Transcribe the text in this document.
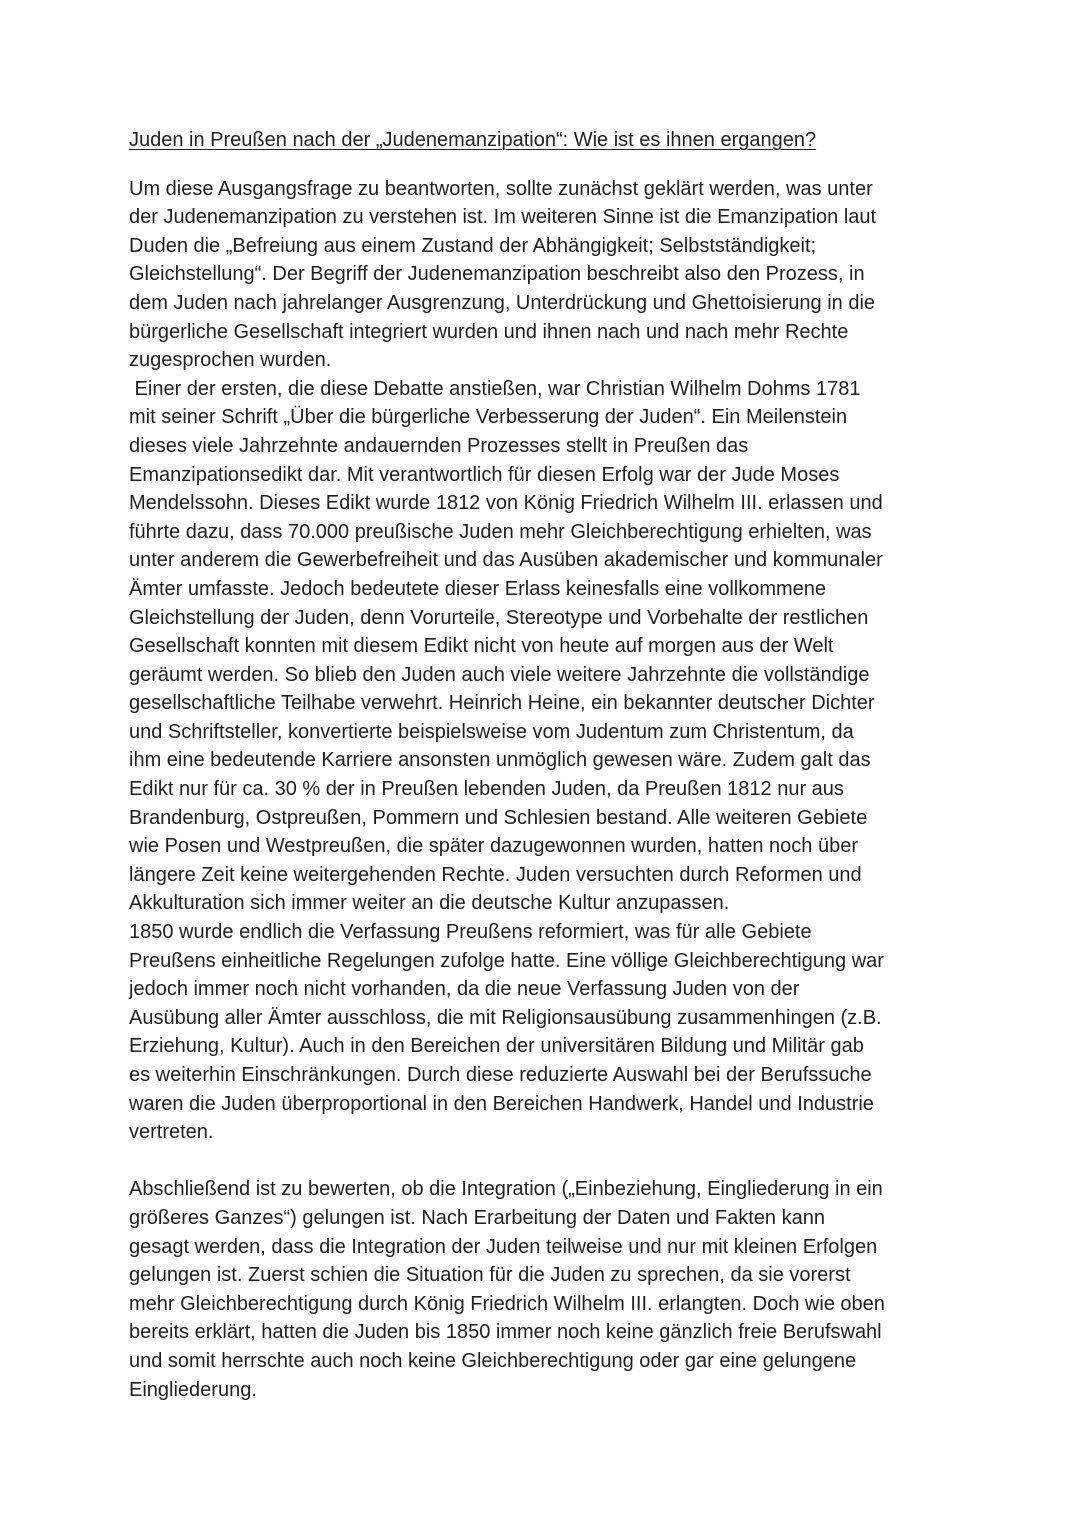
Juden in Preußen nach der „Judenemanzipation“: Wie ist es ihnen ergangen?
Um diese Ausgangsfrage zu beantworten, sollte zunächst geklärt werden, was unter
der Judenemanzipation zu verstehen ist. Im weiteren Sinne ist die Emanzipation laut
Duden die „Befreiung aus einem Zustand der Abhängigkeit; Selbstständigkeit;
Gleichstellung“. Der Begriff der Judenemanzipation beschreibt also den Prozess, in
dem Juden nach jahrelanger Ausgrenzung, Unterdrückung und Ghettoisierung in die
bürgerliche Gesellschaft integriert wurden und ihnen nach und nach mehr Rechte
zugesprochen wurden.
Einer der ersten, die diese Debatte anstießen, war Christian Wilhelm Dohms 1781
mit seiner Schrift „Über die bürgerliche Verbesserung der Juden“. Ein Meilenstein
dieses viele Jahrzehnte andauernden Prozesses stellt in Preußen das
Emanzipationsedikt dar. Mit verantwortlich für diesen Erfolg war der Jude Moses
Mendelssohn. Dieses Edikt wurde 1812 von König Friedrich Wilhelm III. erlassen und
führte dazu, dass 70.000 preußische Juden mehr Gleichberechtigung erhielten, was
unter anderem die Gewerbefreiheit und das Ausüben akademischer und kommunaler
Ämter umfasste. Jedoch bedeutete dieser Erlass keinesfalls eine vollkommene
Gleichstellung der Juden, denn Vorurteile, Stereotype und Vorbehalte der restlichen
Gesellschaft konnten mit diesem Edikt nicht von heute auf morgen aus der Welt
geräumt werden. So blieb den Juden auch viele weitere Jahrzehnte die vollständige
gesellschaftliche Teilhabe verwehrt. Heinrich Heine, ein bekannter deutscher Dichter
und Schriftsteller, konvertierte beispielsweise vom Judentum zum Christentum, da
ihm eine bedeutende Karriere ansonsten unmöglich gewesen wäre. Zudem galt das
Edikt nur für ca. 30 % der in Preußen lebenden Juden, da Preußen 1812 nur aus
Brandenburg, Ostpreußen, Pommern und Schlesien bestand. Alle weiteren Gebiete
wie Posen und Westpreußen, die später dazugewonnen wurden, hatten noch über
längere Zeit keine weitergehenden Rechte. Juden versuchten durch Reformen und
Akkulturation sich immer weiter an die deutsche Kultur anzupassen.
1850 wurde endlich die Verfassung Preußens reformiert, was für alle Gebiete
Preußens einheitliche Regelungen zufolge hatte. Eine völlige Gleichberechtigung war
jedoch immer noch nicht vorhanden, da die neue Verfassung Juden von der
Ausübung aller Ämter ausschloss, die mit Religionsausübung zusammenhingen (z.B.
Erziehung, Kultur). Auch in den Bereichen der universitären Bildung und Militär gab
es weiterhin Einschränkungen. Durch diese reduzierte Auswahl bei der Berufssuche
waren die Juden überproportional in den Bereichen Handwerk, Handel und Industrie
vertreten.
Abschließend ist zu bewerten, ob die Integration („Einbeziehung, Eingliederung in ein
größeres Ganzes“) gelungen ist. Nach Erarbeitung der Daten und Fakten kann
gesagt werden, dass die Integration der Juden teilweise und nur mit kleinen Erfolgen
gelungen ist. Zuerst schien die Situation für die Juden zu sprechen, da sie vorerst
mehr Gleichberechtigung durch König Friedrich Wilhelm III. erlangten. Doch wie oben
bereits erklärt, hatten die Juden bis 1850 immer noch keine gänzlich freie Berufswahl
und somit herrschte auch noch keine Gleichberechtigung oder gar eine gelungene
Eingliederung.
